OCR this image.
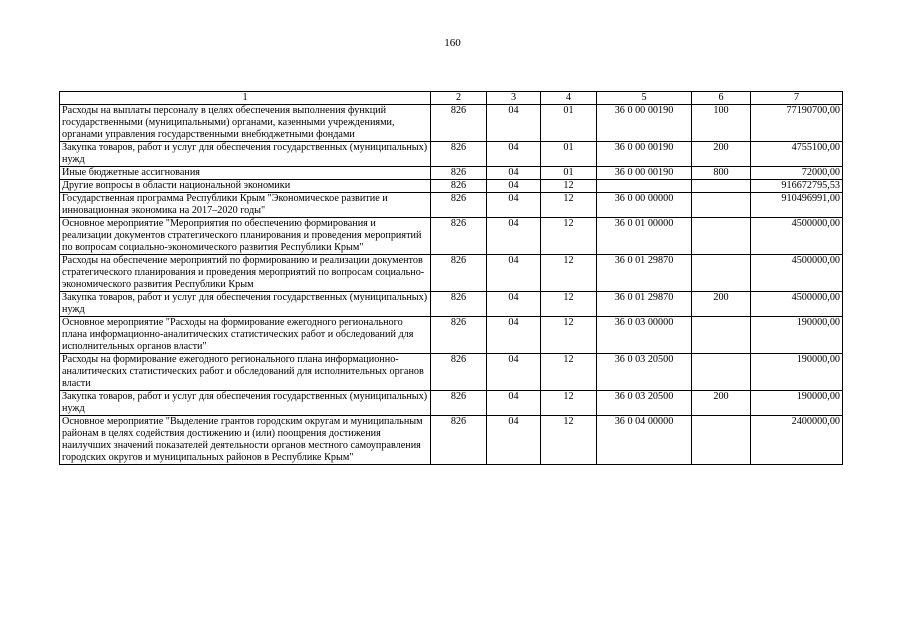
160
1	2	3	4	5	6	7
Расходы на выплаты персоналу в целях обеспечения выполнения функций государственными (муниципальными) органами, казенными учреждениями, органами управления государственными внебюджетными фондами	826	04	01	36 0 00 00190	100	77190700,00
Закупка товаров, работ и услуг для обеспечения государственных (муниципальных) нужд	826	04	01	36 0 00 00190	200	4755100,00
Иные бюджетные ассигнования	826	04	01	36 0 00 00190	800	72000,00
Другие вопросы в области национальной экономики	826	04	12			916672795,53
Государственная программа Республики Крым "Экономическое развитие и инновационная экономика на 2017–2020 годы"	826	04	12	36 0 00 00000		910496991,00
Основное мероприятие "Мероприятия по обеспечению формирования и реализации документов стратегического планирования и проведения мероприятий по вопросам социально-экономического развития Республики Крым"	826	04	12	36 0 01 00000		4500000,00
Расходы на обеспечение мероприятий по формированию и реализации документов стратегического планирования и проведения мероприятий по вопросам социально-экономического развития Республики Крым	826	04	12	36 0 01 29870		4500000,00
Закупка товаров, работ и услуг для обеспечения государственных (муниципальных) нужд	826	04	12	36 0 01 29870	200	4500000,00
Основное мероприятие "Расходы на формирование ежегодного регионального плана информационно-аналитических статистических работ и обследований для исполнительных органов власти"	826	04	12	36 0 03 00000		190000,00
Расходы на формирование ежегодного регионального плана информационно-аналитических статистических работ и обследований для исполнительных органов власти	826	04	12	36 0 03 20500		190000,00
Закупка товаров, работ и услуг для обеспечения государственных (муниципальных) нужд	826	04	12	36 0 03 20500	200	190000,00
Основное мероприятие "Выделение грантов городским округам и муниципальным районам в целях содействия достижению и (или) поощрения достижения наилучших значений показателей деятельности органов местного самоуправления городских округов и муниципальных районов в Республике Крым"	826	04	12	36 0 04 00000		2400000,00
